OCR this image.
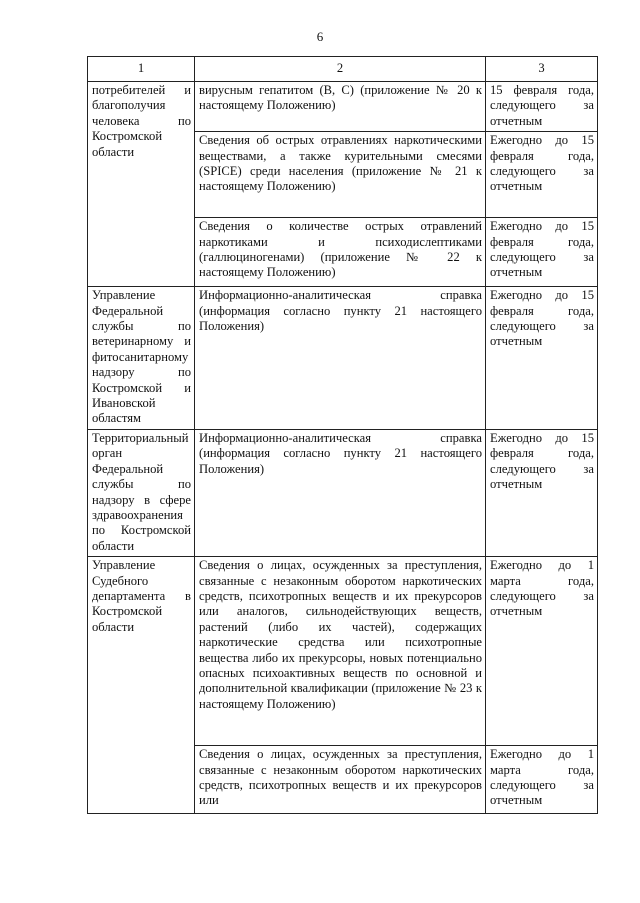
6
1	2	3
потребителей и благополучия человека по Костромской области	вирусным гепатитом (B, C) (приложение № 20 к настоящему Положению)	15 февраля года, следующего за отчетным
	Сведения об острых отравлениях наркотическими веществами, а также курительными смесями (SPICE) среди населения (приложение № 21 к настоящему Положению)	Ежегодно до 15 февраля года, следующего за отчетным
	Сведения о количестве острых отравлений наркотиками и психодислептиками (галлюциногенами) (приложение № 22 к настоящему Положению)	Ежегодно до 15 февраля года, следующего за отчетным
Управление Федеральной службы по ветеринарному и фитосанитарному надзору по Костромской и Ивановской областям	Информационно-аналитическая справка (информация согласно пункту 21 настоящего Положения)	Ежегодно до 15 февраля года, следующего за отчетным
Территориальный орган Федеральной службы по надзору в сфере здравоохранения по Костромской области	Информационно-аналитическая справка (информация согласно пункту 21 настоящего Положения)	Ежегодно до 15 февраля года, следующего за отчетным
Управление Судебного департамента в Костромской области	Сведения о лицах, осужденных за преступления, связанные с незаконным оборотом наркотических средств, психотропных веществ и их прекурсоров или аналогов, сильнодействующих веществ, растений (либо их частей), содержащих наркотические средства или психотропные вещества либо их прекурсоры, новых потенциально опасных психоактивных веществ по основной и дополнительной квалификации (приложение № 23 к настоящему Положению)	Ежегодно до 1 марта года, следующего за отчетным
	Сведения о лицах, осужденных за преступления, связанные с незаконным оборотом наркотических средств, психотропных веществ и их прекурсоров или	Ежегодно до 1 марта года, следующего за отчетным
